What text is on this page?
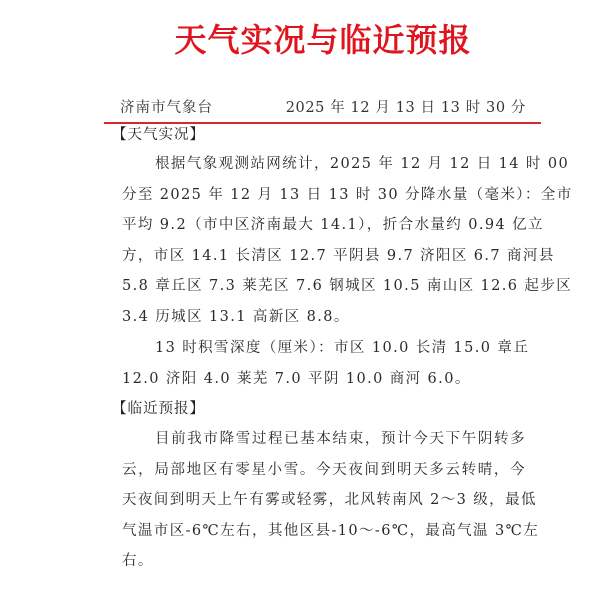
天气实况与临近预报
济南市气象台	2025 年 12 月 13 日 13 时 30 分
【天气实况】
根据气象观测站网统计，2025 年 12 月 12 日 14 时 00
分至 2025 年 12 月 13 日 13 时 30 分降水量（毫米）：全市
平均 9.2（市中区济南最大 14.1），折合水量约 0.94 亿立
方，市区 14.1 长清区 12.7 平阴县 9.7 济阳区 6.7 商河县
5.8 章丘区 7.3 莱芜区 7.6 钢城区 10.5 南山区 12.6 起步区
3.4 历城区 13.1 高新区 8.8。
13 时积雪深度（厘米）：市区 10.0 长清 15.0 章丘
12.0 济阳 4.0 莱芜 7.0 平阴 10.0 商河 6.0。
【临近预报】
目前我市降雪过程已基本结束，预计今天下午阴转多
云，局部地区有零星小雪。今天夜间到明天多云转晴，今
天夜间到明天上午有雾或轻雾，北风转南风 2～3 级，最低
气温市区-6℃左右，其他区县-10～-6℃，最高气温 3℃左
右。
